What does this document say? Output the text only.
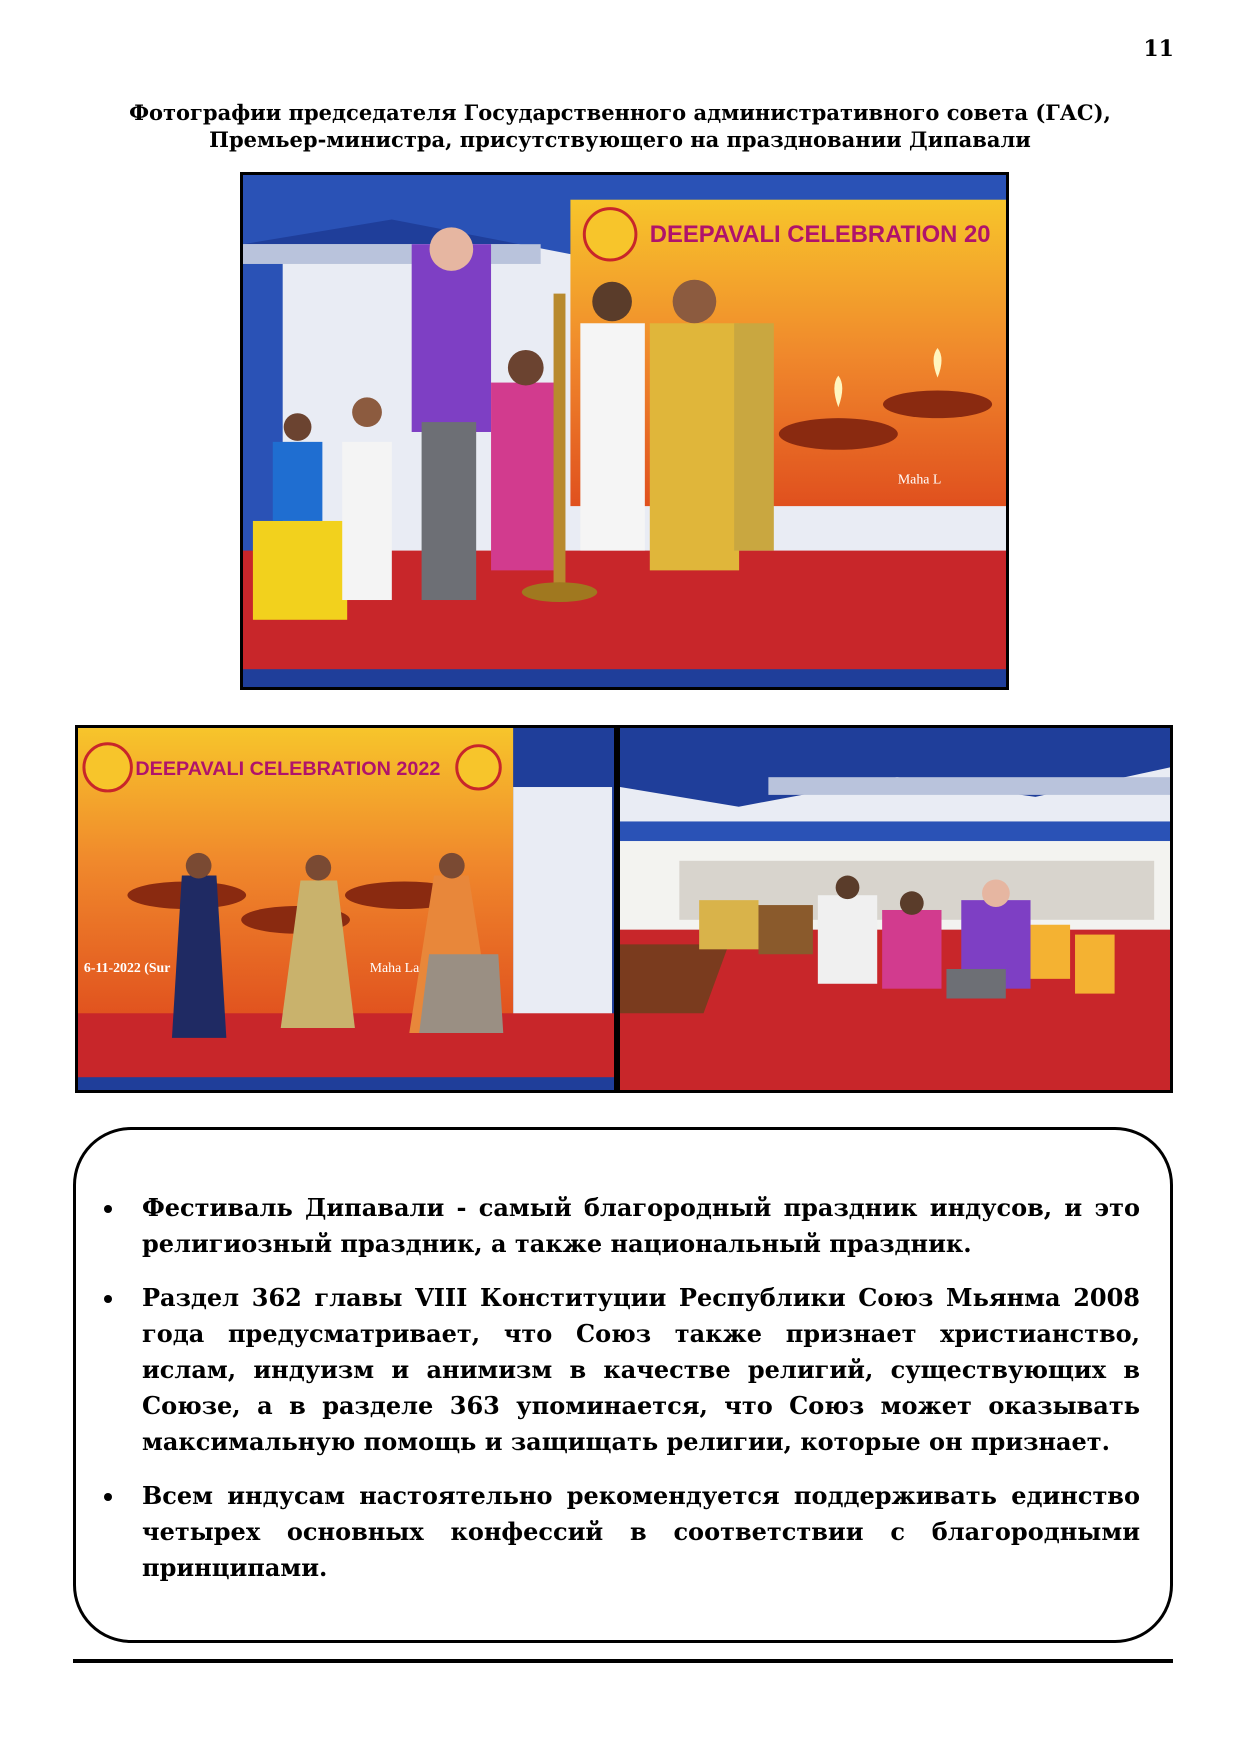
11
Фотографии председателя Государственного административного совета (ГАС), Премьер-министра, присутствующего на праздновании Дипавали
DEEPAVALI CELEBRATION 20
Maha L
DEEPAVALI CELEBRATION 2022
6-11-2022 (Sur	Maha La
Фестиваль Дипавали - самый благородный праздник индусов, и это религиозный праздник, а также национальный праздник.
Раздел 362 главы VIII Конституции Республики Союз Мьянма 2008 года предусматривает, что Союз также признает христианство, ислам, индуизм и анимизм в качестве религий, существующих в Союзе, а в разделе 363 упоминается, что Союз может оказывать максимальную помощь и защищать религии, которые он признает.
Всем индусам настоятельно рекомендуется поддерживать единство четырех основных конфессий в соответствии с благородными принципами.
